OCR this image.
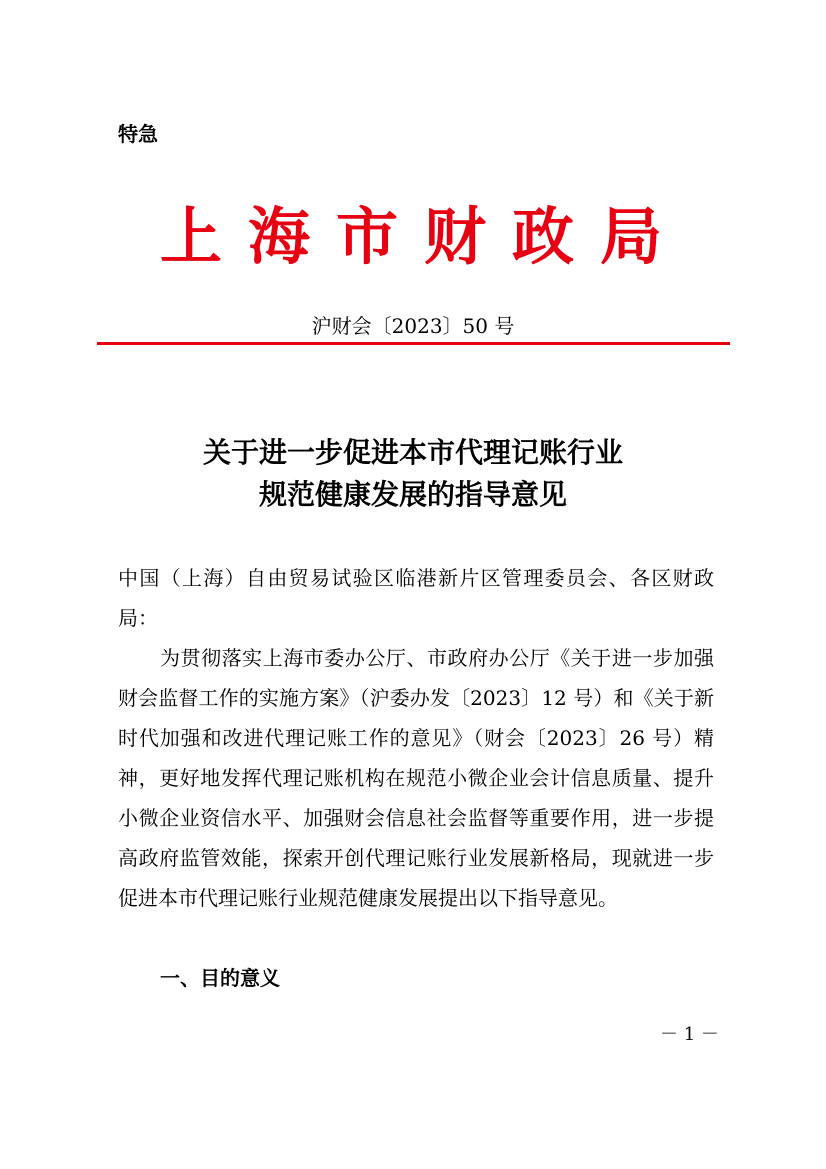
特急
上海市财政局
沪财会〔2023〕50 号
关于进一步促进本市代理记账行业
规范健康发展的指导意见

中国（上海）自由贸易试验区临港新片区管理委员会、各区财政局：

为贯彻落实上海市委办公厅、市政府办公厅《关于进一步加强财会监督工作的实施方案》（沪委办发〔2023〕12 号）和《关于新时代加强和改进代理记账工作的意见》（财会〔2023〕26 号）精神，更好地发挥代理记账机构在规范小微企业会计信息质量、提升小微企业资信水平、加强财会信息社会监督等重要作用，进一步提高政府监管效能，探索开创代理记账行业发展新格局，现就进一步促进本市代理记账行业规范健康发展提出以下指导意见。

一、目的意义
－ 1 －
